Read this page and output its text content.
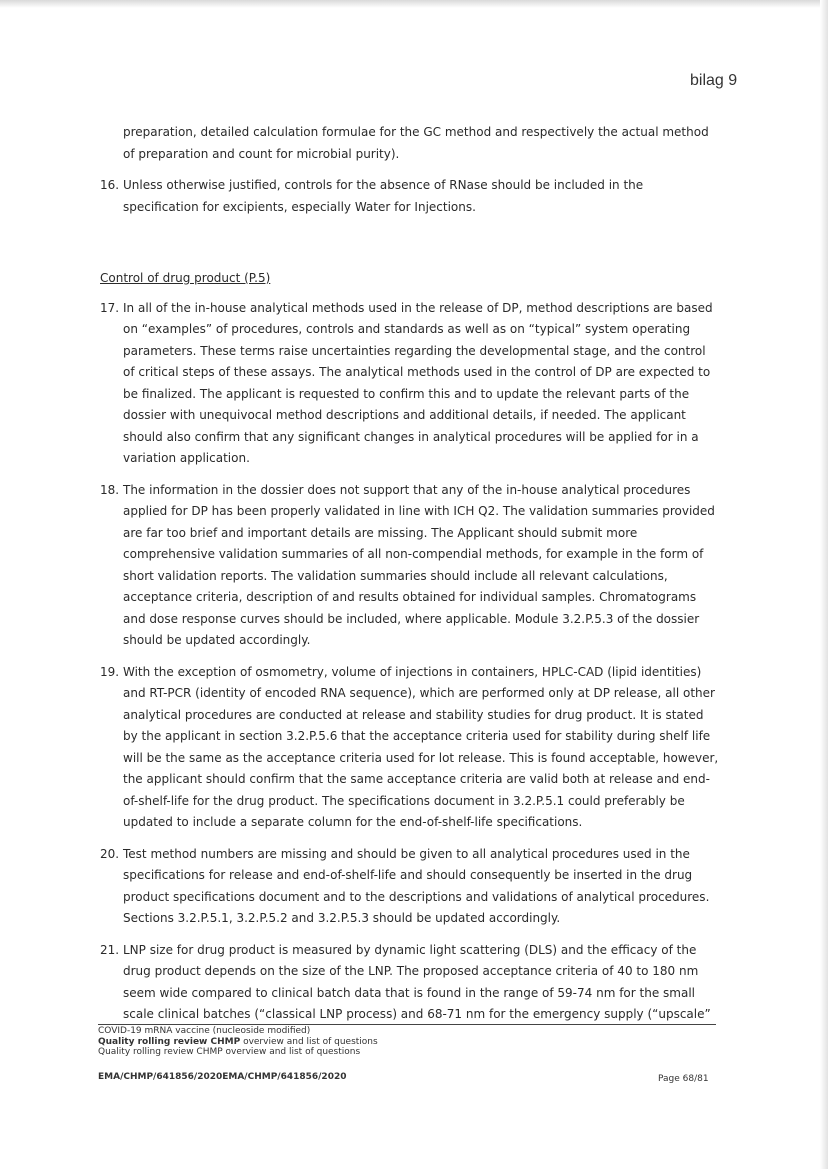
bilag 9

preparation, detailed calculation formulae for the GC method and respectively the actual method of preparation and count for microbial purity).

16. Unless otherwise justified, controls for the absence of RNase should be included in the specification for excipients, especially Water for Injections.
Control of drug product (P.5)
17. In all of the in-house analytical methods used in the release of DP, method descriptions are based on “examples” of procedures, controls and standards as well as on “typical” system operating parameters. These terms raise uncertainties regarding the developmental stage, and the control of critical steps of these assays. The analytical methods used in the control of DP are expected to be finalized. The applicant is requested to confirm this and to update the relevant parts of the dossier with unequivocal method descriptions and additional details, if needed. The applicant should also confirm that any significant changes in analytical procedures will be applied for in a variation application.
18. The information in the dossier does not support that any of the in-house analytical procedures applied for DP has been properly validated in line with ICH Q2. The validation summaries provided are far too brief and important details are missing. The Applicant should submit more comprehensive validation summaries of all non-compendial methods, for example in the form of short validation reports. The validation summaries should include all relevant calculations, acceptance criteria, description of and results obtained for individual samples. Chromatograms and dose response curves should be included, where applicable. Module 3.2.P.5.3 of the dossier should be updated accordingly.
19. With the exception of osmometry, volume of injections in containers, HPLC-CAD (lipid identities) and RT-PCR (identity of encoded RNA sequence), which are performed only at DP release, all other analytical procedures are conducted at release and stability studies for drug product. It is stated by the applicant in section 3.2.P.5.6 that the acceptance criteria used for stability during shelf life will be the same as the acceptance criteria used for lot release. This is found acceptable, however, the applicant should confirm that the same acceptance criteria are valid both at release and end-of-shelf-life for the drug product. The specifications document in 3.2.P.5.1 could preferably be updated to include a separate column for the end-of-shelf-life specifications.
20. Test method numbers are missing and should be given to all analytical procedures used in the specifications for release and end-of-shelf-life and should consequently be inserted in the drug product specifications document and to the descriptions and validations of analytical procedures. Sections 3.2.P.5.1, 3.2.P.5.2 and 3.2.P.5.3 should be updated accordingly.
21. LNP size for drug product is measured by dynamic light scattering (DLS) and the efficacy of the drug product depends on the size of the LNP. The proposed acceptance criteria of 40 to 180 nm seem wide compared to clinical batch data that is found in the range of 59-74 nm for the small scale clinical batches (“classical LNP process) and 68-71 nm for the emergency supply (“upscale”
COVID-19 mRNA vaccine (nucleoside modified)
Quality rolling review CHMP overview and list of questions
Quality rolling review CHMP overview and list of questions
EMA/CHMP/641856/2020EMA/CHMP/641856/2020	Page 68/81
